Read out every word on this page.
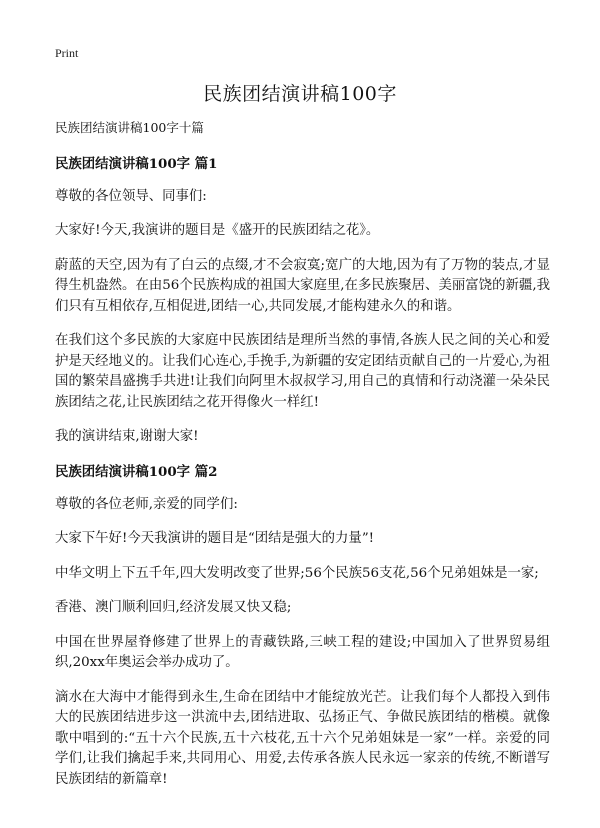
Print
民族团结演讲稿100字

民族团结演讲稿100字十篇

民族团结演讲稿100字 篇1

尊敬的各位领导、同事们:

大家好!今天,我演讲的题目是《盛开的民族团结之花》。

蔚蓝的天空,因为有了白云的点缀,才不会寂寞;宽广的大地,因为有了万物的装点,才显得生机盎然。在由56个民族构成的祖国大家庭里,在多民族聚居、美丽富饶的新疆,我们只有互相依存,互相促进,团结一心,共同发展,才能构建永久的和谐。

在我们这个多民族的大家庭中民族团结是理所当然的事情,各族人民之间的关心和爱护是天经地义的。让我们心连心,手挽手,为新疆的安定团结贡献自己的一片爱心,为祖国的繁荣昌盛携手共进!让我们向阿里木叔叔学习,用自己的真情和行动浇灌一朵朵民族团结之花,让民族团结之花开得像火一样红!

我的演讲结束,谢谢大家!

民族团结演讲稿100字 篇2

尊敬的各位老师,亲爱的同学们:

大家下午好!今天我演讲的题目是“团结是强大的力量”!

中华文明上下五千年,四大发明改变了世界;56个民族56支花,56个兄弟姐妹是一家;

香港、澳门顺利回归,经济发展又快又稳;

中国在世界屋脊修建了世界上的青藏铁路,三峡工程的建设;中国加入了世界贸易组织,20xx年奥运会举办成功了。

滴水在大海中才能得到永生,生命在团结中才能绽放光芒。让我们每个人都投入到伟大的民族团结进步这一洪流中去,团结进取、弘扬正气、争做民族团结的楷模。就像歌中唱到的:“五十六个民族,五十六枝花,五十六个兄弟姐妹是一家”一样。亲爱的同学们,让我们擒起手来,共同用心、用爱,去传承各族人民永远一家亲的传统,不断谱写民族团结的新篇章!
